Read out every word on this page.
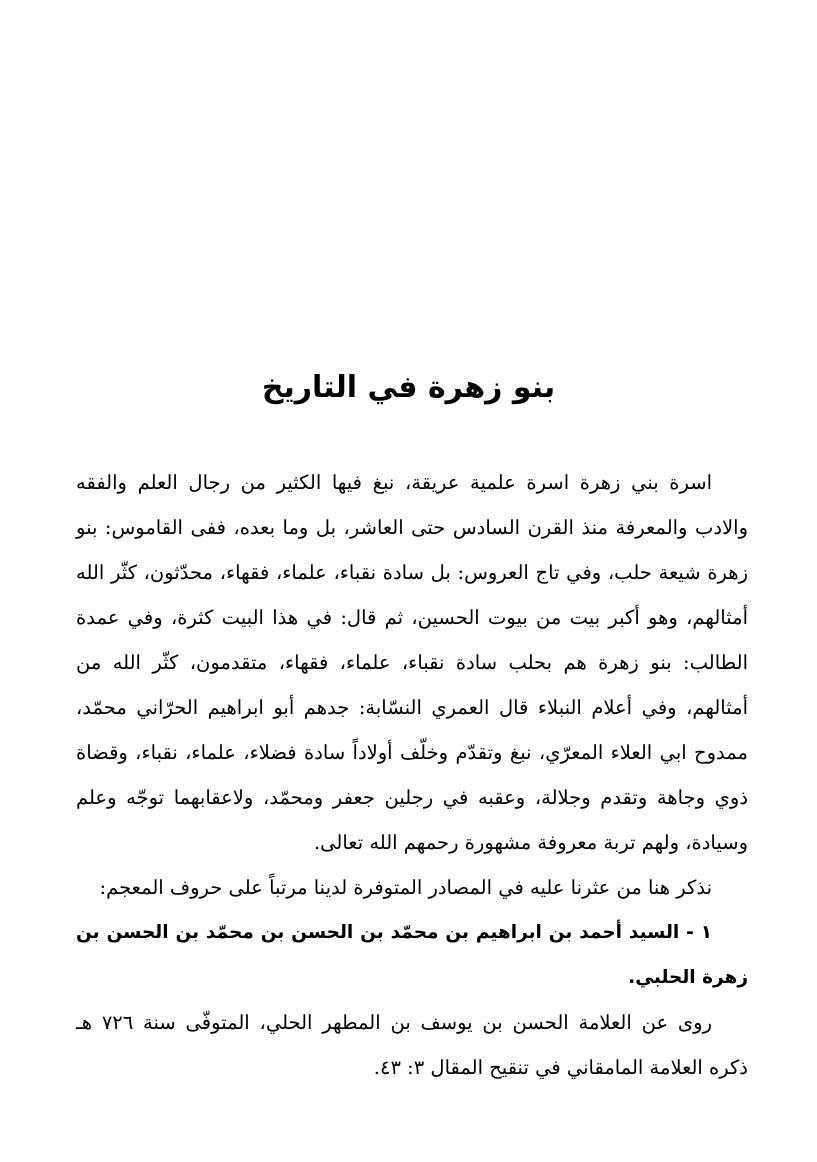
بنو زهرة في التاريخ

اسرة بني زهرة اسرة علمية عريقة، نبغ فيها الكثير من رجال العلم والفقه والادب والمعرفة منذ القرن السادس حتى العاشر، بل وما بعده، ففى القاموس: بنو زهرة شيعة حلب، وفي تاج العروس: بل سادة نقباء، علماء، فقهاء، محدّثون، كثّر الله أمثالهم، وهو أكبر بيت من بيوت الحسين، ثم قال: في هذا البيت كثرة، وفي عمدة الطالب: بنو زهرة هم بحلب سادة نقباء، علماء، فقهاء، متقدمون، كثّر الله من أمثالهم، وفي أعلام النبلاء قال العمري النسّابة: جدهم أبو ابراهيم الحرّاني محمّد، ممدوح ابي العلاء المعرّي، نبغ وتقدّم وخلّف أولاداً سادة فضلاء، علماء، نقباء، وقضاة ذوي وجاهة وتقدم وجلالة، وعقبه في رجلين جعفر ومحمّد، ولاعقابهما توجّه وعلم وسيادة، ولهم تربة معروفة مشهورة رحمهم الله تعالى.

نذكر هنا من عثرنا عليه في المصادر المتوفرة لدينا مرتباً على حروف المعجم:

١ - السيد أحمد بن ابراهيم بن محمّد بن الحسن بن محمّد بن الحسن بن زهرة الحلبي.

روى عن العلامة الحسن بن يوسف بن المطهر الحلي، المتوفّى سنة ٧٢٦ هـ ذكره العلامة المامقاني في تنقيح المقال ٣: ٤٣.
